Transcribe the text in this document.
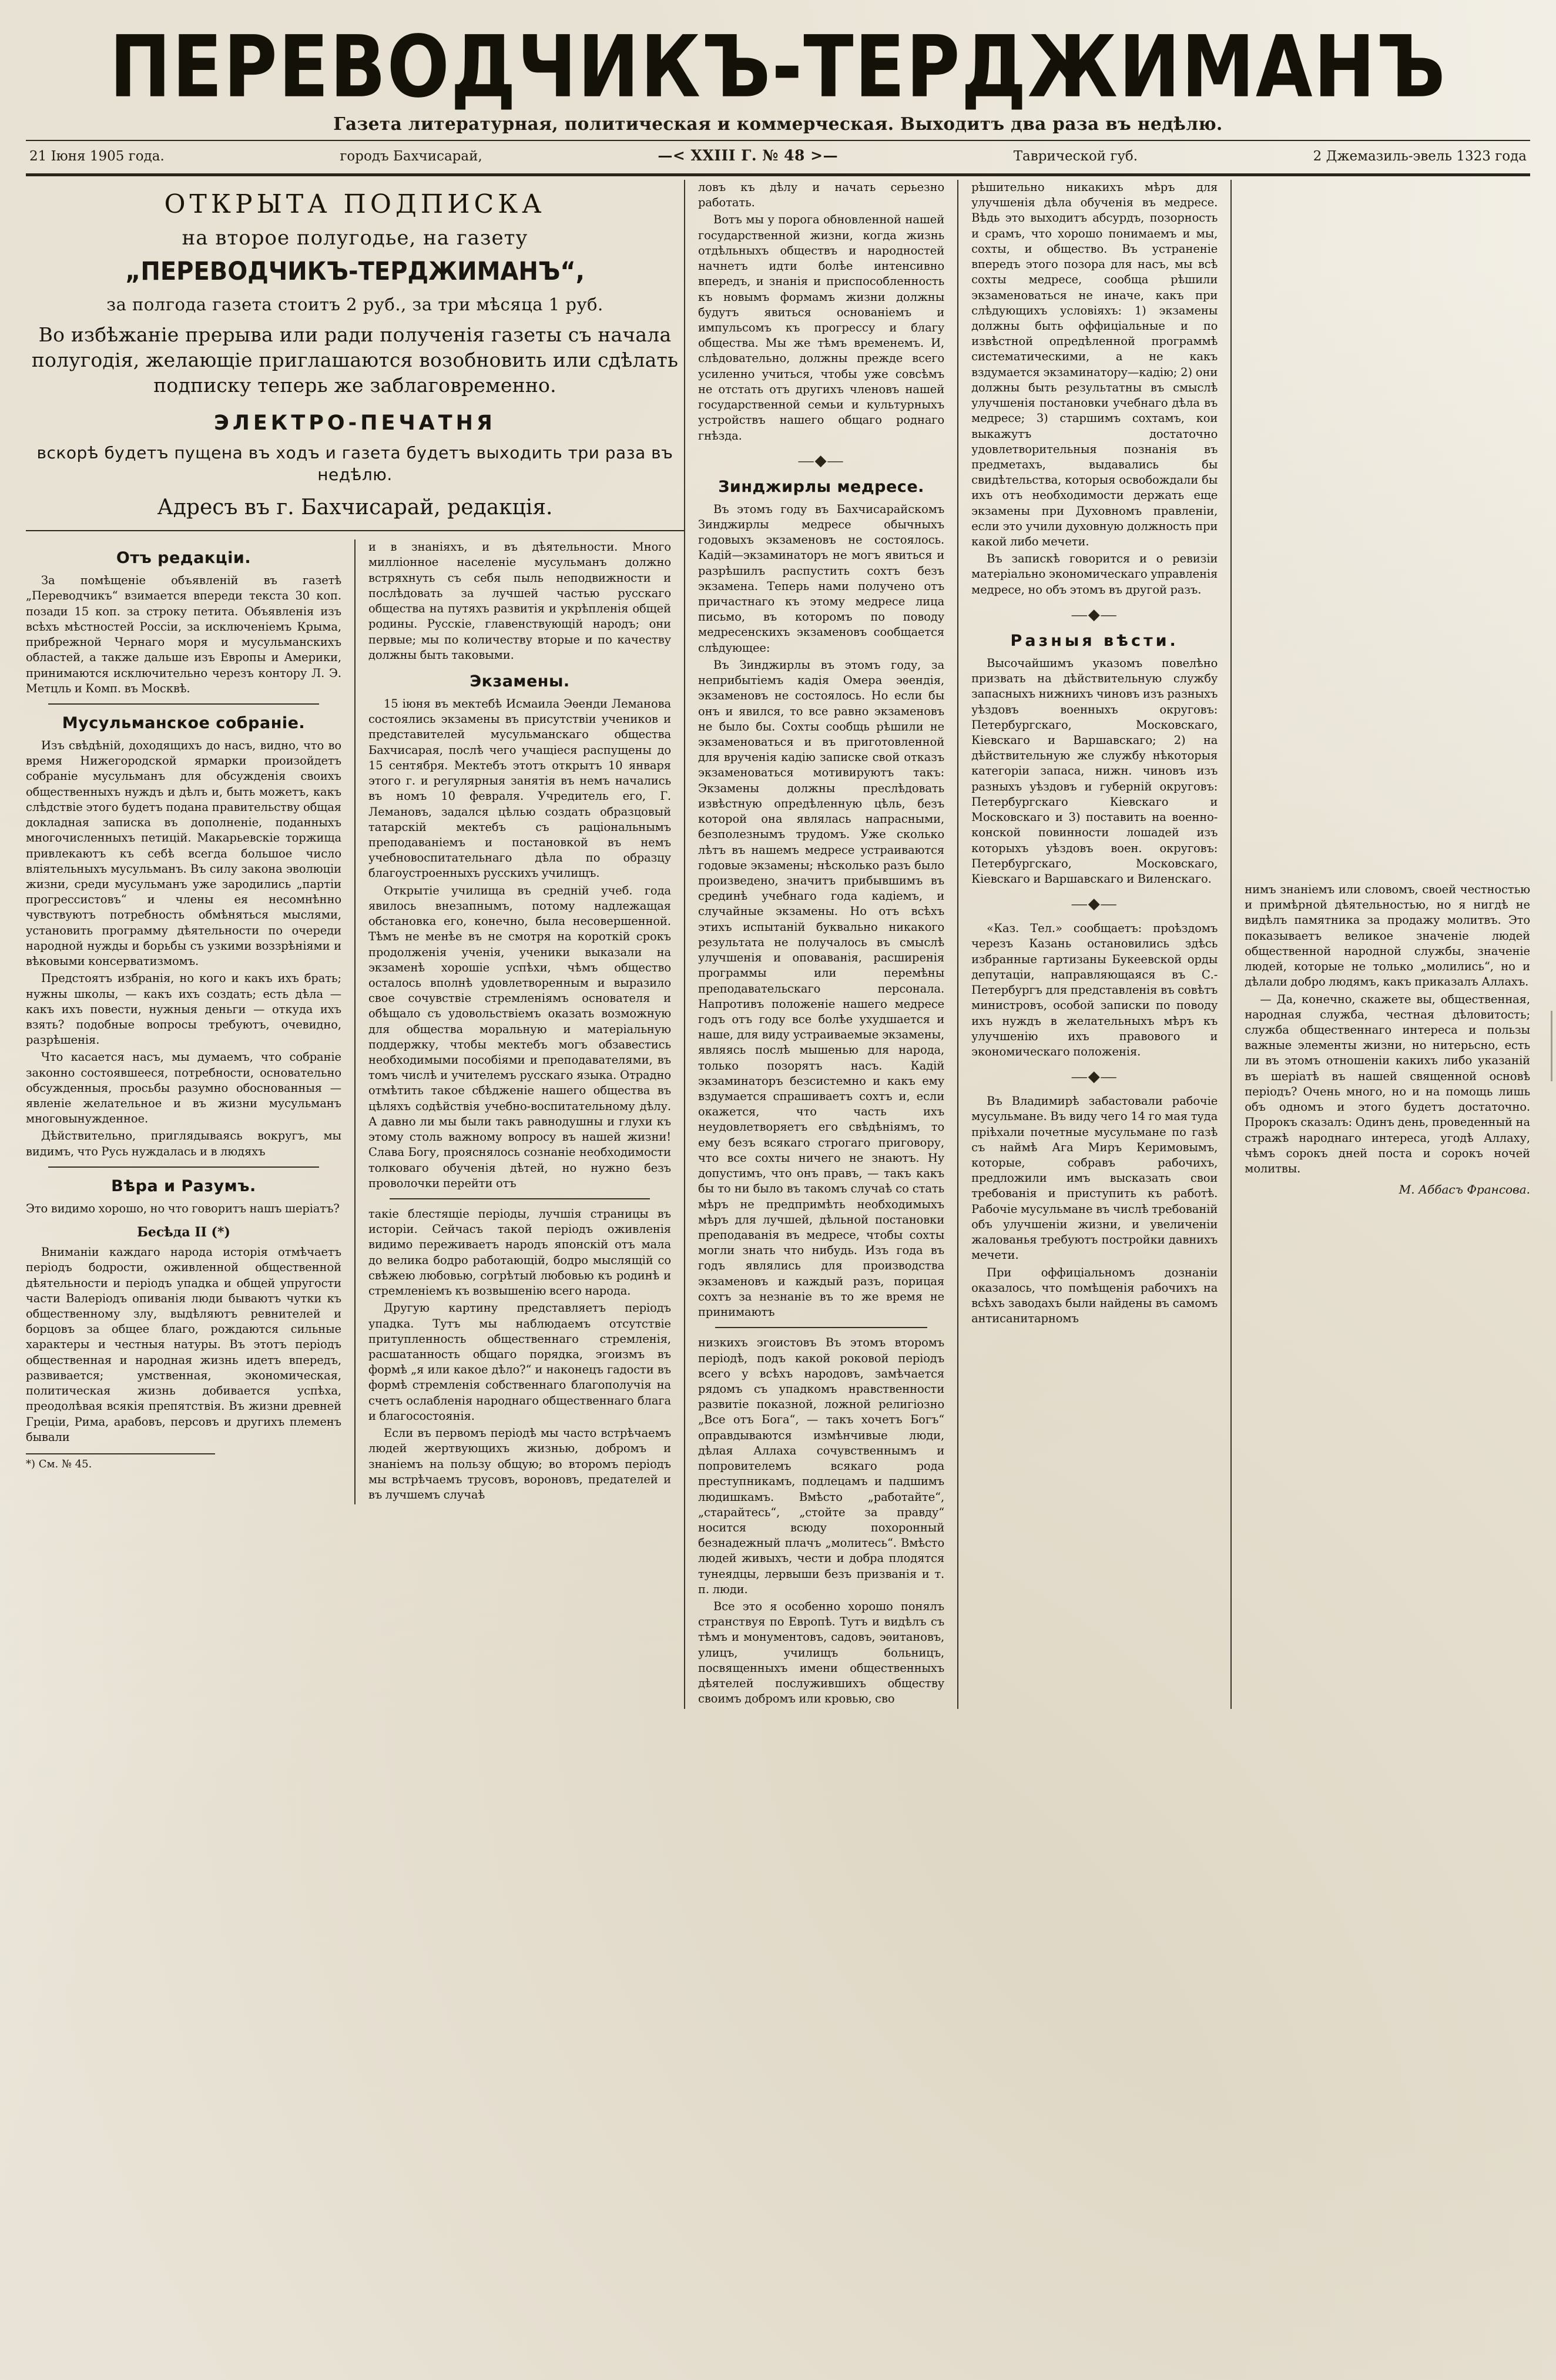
ПЕРЕВОДЧИКЪ-ТЕРДЖИМАНЪ
Газета литературная, политическая и коммерческая. Выходитъ два раза въ недѣлю.
21 Іюня 1905 года.	городъ Бахчисарай,	—< XXIII Г. № 48 >—	Таврической губ.	2 Джемазиль-эвель 1323 года
ОТКРЫТА ПОДПИСКА
на второе полугодье, на газету
„ПЕРЕВОДЧИКЪ-ТЕРДЖИМАНЪ“,
за полгода газета стоитъ 2 руб., за три мѣсяца 1 руб.
Во избѣжаніе прерыва или ради полученія газеты съ начала полугодія, желающіе приглашаются возобновить или сдѣлать подписку теперь же заблаговременно.
ЭЛЕКТРО-ПЕЧАТНЯ
вскорѣ будетъ пущена въ ходъ и газета будетъ выходить три раза въ недѣлю.
Адресъ въ г. Бахчисарай, редакція.
Отъ редакціи.

За помѣщеніе объявленій въ газетѣ „Переводчикъ“ взимается впереди текста 30 коп. позади 15 коп. за строку петита. Объявленія изъ всѣхъ мѣстностей Россіи, за исключеніемъ Крыма, прибрежной Чернаго моря и мусульманскихъ областей, а также дальше изъ Европы и Америки, принимаются исключительно черезъ контору Л. Э. Метцль и Комп. въ Москвѣ.

Мусульманское собраніе.

Изъ свѣдѣній, доходящихъ до насъ, видно, что во время Нижегородской ярмарки произойдетъ собраніе мусульманъ для обсужденія своихъ общественныхъ нуждъ и дѣлъ и, быть можетъ, какъ слѣдствіе этого будетъ подана правительству общая докладная записка въ дополненіе, поданныхъ многочисленныхъ петицій. Макарьевскіе торжища привлекаютъ къ себѣ всегда большое число влiятельныхъ мусульманъ. Въ силу закона эволюціи жизни, среди мусульманъ уже зародились „партіи прогрессистовъ“ и члены ея несомнѣнно чувствуютъ потребность обмѣняться мыслями, установить программу дѣятельности по очереди народной нужды и борьбы съ узкими воззрѣніями и вѣковыми консерватизмомъ.

Предстоятъ избранія, но кого и какъ ихъ брать; нужны школы, — какъ ихъ создать; есть дѣла — какъ ихъ повести, нужныя деньги — откуда ихъ взять? подобные вопросы требуютъ, очевидно, разрѣшенія.

Что касается насъ, мы думаемъ, что собраніе законно состоявшееся, потребности, основательно обсужденныя, просьбы разумно обоснованныя — явленіе желательное и въ жизни мусульманъ многовынужденное.

Дѣйствительно, приглядываясь вокругъ, мы видимъ, что Русь нуждалась и в людяхъ

Вѣра и Разумъ.

Это видимо хорошо, но что говоритъ нашъ шеріатъ?

Бесѣда II (*)

Вниманіи каждаго народа исторія отмѣчаетъ періодъ бодрости, оживленной общественной дѣятельности и періодъ упадка и общей упругости части Валерiодъ опиванiя люди бываютъ чутки къ общественному злу, выдѣляютъ ревнителей и борцовъ за общее благо, рождаются сильные характеры и честныя натуры. Въ этотъ періодъ общественная и народная жизнь идетъ впередъ, развивается; умственная, экономическая, политическая жизнь добивается успѣха, преодолѣвая всякія препятствія. Въ жизни древней Греціи, Рима, арабовъ, персовъ и другихъ племенъ бывали

*) См. № 45.

и в знаніяхъ, и въ дѣятельности. Много милліонное населеніе мусульманъ должно встряхнуть съ себя пыль неподвижности и послѣдовать за лучшей частью русскаго общества на путяхъ развитія и укрѣпленія общей родины. Русскіе, главенствующій народъ; они первые; мы по количеству вторые и по качеству должны быть таковыми.

Экзамены.

15 іюня въ мектебѣ Исмаила Эѳенди Леманова состоялись экзамены въ присутствіи учеников и представителей мусульманскаго общества Бахчисарая, послѣ чего учащіеся распущены до 15 сентября. Мектебъ этотъ открытъ 10 января этого г. и регулярныя занятія въ немъ начались въ номъ 10 февраля. Учредитель его, Г. Лемановъ, задался цѣлью создать образцовый татарскій мектебъ съ раціональнымъ преподаваніемъ и постановкой въ немъ учебновоспитательнаго дѣла по образцу благоустроенныхъ русскихъ училищъ.

Открытіе училища въ средній учеб. года явилось внезапнымъ, потому надлежащая обстановка его, конечно, была несовершенной. Тѣмъ не менѣе въ не смотря на короткій срокъ продолженія ученія, ученики выказали на экзаменѣ хорошіе успѣхи, чѣмъ общество осталось вполнѣ удовлетворенным и выразило свое сочувствіе стремленіямъ основателя и обѣщало съ удовольствіемъ оказать возможную для общества моральную и матеріальную поддержку, чтобы мектебъ могъ обзавестись необходимыми пособіями и преподавателями, въ томъ числѣ и учителемъ русскаго языка. Отрадно отмѣтить такое сбѣдженіе нашего общества въ цѣляхъ содѣйствія учебно-воспитательному дѣлу. А давно ли мы были такъ равнодушны и глухи къ этому столь важному вопросу въ нашей жизни! Слава Богу, прояснялось сознаніе необходимости толковаго обученія дѣтей, но нужно безъ проволочки перейти отъ

такіе блестящіе періоды, лучшія страницы въ исторіи. Сейчасъ такой періодъ оживленія видимо переживаетъ народъ японскій отъ мала до велика бодро работающій, бодро мыслящій со свѣжею любовью, согрѣтый любовью къ родинѣ и стремленіемъ къ возвышенію всего народа.

Другую картину представляетъ періодъ упадка. Тутъ мы наблюдаемъ отсутствіе притупленность общественнаго стремленія, расшатанность общаго порядка, эгоизмъ въ формѣ „я или какое дѣло?“ и наконецъ гадости въ формѣ стремленія собственнаго благополучія на счетъ ослабленія народнаго общественнаго блага и благосостоянія.

Если въ первомъ періодѣ мы часто встрѣчаемъ людей жертвующихъ жизнью, добромъ и знаніемъ на пользу общую; во второмъ періодъ мы встрѣчаемъ трусовъ, вороновъ, предателей и въ лучшемъ случаѣ

ловъ къ дѣлу и начать серьезно работать.

Вотъ мы у порога обновленной нашей государственной жизни, когда жизнь отдѣльныхъ обществъ и народностей начнетъ идти болѣе интенсивно впередъ, и знанія и приспособленность къ новымъ формамъ жизни должны будутъ явиться основаніемъ и импульсомъ къ прогрессу и благу общества. Мы же тѣмъ временемъ. И, слѣдовательно, должны прежде всего усиленно учиться, чтобы уже совсѣмъ не отстать отъ другихъ членовъ нашей государственной семьи и культурныхъ устройствъ нашего общаго роднаго гнѣзда.

—◆—
Зинджирлы медресе.

Въ этомъ году въ Бахчисарайскомъ Зинджирлы медресе обычныхъ годовыхъ экзаменовъ не состоялось. Кадій—экзаминаторъ не могъ явиться и разрѣшилъ распустить сохтъ безъ экзамена. Теперь нами получено отъ причастнаго къ этому медресе лица письмо, въ которомъ по поводу медресенскихъ экзаменовъ сообщается слѣдующее:

Въ Зинджирлы въ этомъ году, за неприбытіемъ кадія Омера эѳендія, экзаменовъ не состоялось. Но если бы онъ и явился, то все равно экзаменовъ не было бы. Сохты сообщь рѣшили не экзаменоваться и въ приготовленной для врученія кадію записке свой отказъ экзаменоваться мотивируютъ такъ: Экзамены должны преслѣдовать извѣстную опредѣленную цѣль, безъ которой она являлась напрасными, безполезнымъ трудомъ. Уже сколько лѣтъ въ нашемъ медресе устраиваются годовые экзамены; нѣсколько разъ было произведено, значитъ прибывшимъ въ срединѣ учебнаго года кадіемъ, и случайные экзамены. Но отъ всѣхъ этихъ испытаній буквально никакого результата не получалось въ смыслѣ улучшенія и оповаванія, расширенія программы или перемѣны преподавательскаго персонала. Напротивъ положеніе нашего медресе годъ отъ году все болѣе ухудшается и наше, для виду устраиваемые экзамены, являясь послѣ мышенью для народа, только позорятъ насъ. Кадій экзаминаторъ безсистемно и какъ ему вздумается спрашиваетъ сохтъ и, если окажется, что часть ихъ неудовлетворяетъ его свѣдѣніямъ, то ему безъ всякаго строгаго приговору, что все сохты ничего не знаютъ. Ну допустимъ, что онъ правъ, — такъ какъ бы то ни было въ такомъ случаѣ со стать мѣръ не предпримѣть необходимыхъ мѣръ для лучшей, дѣльной постановки преподаванія въ медресе, чтобы сохты могли знать что нибудь. Изъ года въ годъ являлись для производства экзаменовъ и каждый разъ, порицая сохтъ за незнаніе въ то же время не принимаютъ

низкихъ эгоистовъ Въ этомъ второмъ періодѣ, подъ какой роковой періодъ всего у всѣхъ народовъ, замѣчается рядомъ съ упадкомъ нравственности развитіе показной, ложной религіозно „Все отъ Бога“, — такъ хочетъ Богъ“ оправдываются измѣнчивые люди, дѣлая Аллаха сочувственнымъ и попровителемъ всякаго рода преступникамъ, подлецамъ и падшимъ людишкамъ. Вмѣсто „работайте“, „старайтесь“, „стойте за правду“ носится всюду похоронный безнадежный плачъ „молитесь“. Вмѣсто людей живыхъ, чести и добра плодятся тунеядцы, лервыши безъ призванія и т. п. люди.

Все это я особенно хорошо понялъ странствуя по Европѣ. Тутъ и видѣлъ съ тѣмъ и монументовъ, садовъ, эѳитановъ, улицъ, училищъ больницъ, посвященныхъ имени общественныхъ дѣятелей послужившихъ обществу своимъ добромъ или кровью, сво

рѣшительно никакихъ мѣръ для улучшенія дѣла обученія въ медресе. Вѣдь это выходитъ абсурдъ, позорность и срамъ, что хорошо понимаемъ и мы, сохты, и общество. Въ устраненіе впередъ этого позора для насъ, мы всѣ сохты медресе, сообща рѣшили экзаменоваться не иначе, какъ при слѣдующихъ условіяхъ: 1) экзамены должны быть оффиціальные и по извѣстной опредѣленной программѣ систематическими, а не какъ вздумается экзаминатору—кадію; 2) они должны быть результатны въ смыслѣ улучшенія постановки учебнаго дѣла въ медресе; 3) старшимъ сохтамъ, кои выкажутъ достаточно удовлетворительныя познанія въ предметахъ, выдавались бы свидѣтельства, которыя освобождали бы ихъ отъ необходимости держать еще экзамены при Духовномъ правленіи, если это учили духовную должность при какой либо мечети.

Въ запискѣ говорится и о ревизіи матеріально экономическаго управленія медресе, но объ этомъ въ другой разъ.

—◆—
Разныя вѣсти.

Высочайшимъ указомъ повелѣно призвать на дѣйствительную службу запасныхъ нижнихъ чиновъ изъ разныхъ уѣздовъ военныхъ округовъ: Петербургскаго, Московскаго, Кіевскаго и Варшавскаго; 2) на дѣйствительную же службу нѣкоторыя категоріи запаса, нижн. чиновъ изъ разныхъ уѣздовъ и губерній округовъ: Петербургскаго Кіевскаго и Московскаго и 3) поставить на военно-конской повинности лошадей изъ которыхъ уѣздовъ воен. округовъ: Петербургскаго, Московскаго, Кіевскаго и Варшавскаго и Виленскаго.

—◆—

«Каз. Тел.» сообщаетъ: проѣздомъ черезъ Казань остановились здѣсь избранные гартизаны Букеевской орды депутаціи, направляющаяся въ С.-Петербургъ для представленія въ совѣтъ министровъ, особой записки по поводу ихъ нуждъ в желательныхъ мѣръ къ улучшенію ихъ правового и экономическаго положенія.

—◆—

Въ Владимирѣ забастовали рабочіе мусульмане. Въ виду чего 14 го мая туда пріѣхали почетные мусульмане по газѣ съ наймѣ Ага Миръ Керимовымъ, которые, собравъ рабочихъ, предложили имъ высказать свои требованія и приступить къ работѣ. Рабочіе мусульмане въ числѣ требованій объ улучшеніи жизни, и увеличеніи жалованья требуютъ постройки давнихъ мечети.

При оффиціальномъ дознаніи оказалось, что помѣщенія рабочихъ на всѣхъ заводахъ были найдены въ самомъ антисанитарномъ

нимъ знаніемъ или словомъ, своей честностью и примѣрной дѣятельностью, но я нигдѣ не видѣлъ памятника за продажу молитвъ. Это показываетъ великое значеніе людей общественной народной службы, значеніе людей, которые не только „молились“, но и дѣлали добро людямъ, какъ приказалъ Аллахъ.

— Да, конечно, скажете вы, общественная, народная служба, честная дѣловитость; служба общественнаго интереса и пользы важные элементы жизни, но нитерьсно, есть ли въ этомъ отношеніи какихъ либо указаній въ шеріатѣ въ нашей священной основѣ періодъ? Очень много, но и на помощь лишь объ одномъ и этого будетъ достаточно. Пророкъ сказалъ: Одинъ день, проведенный на стражѣ народнаго интереса, угодѣ Аллаху, чѣмъ сорокъ дней поста и сорокъ ночей молитвы.

М. Аббасъ Франсова.
